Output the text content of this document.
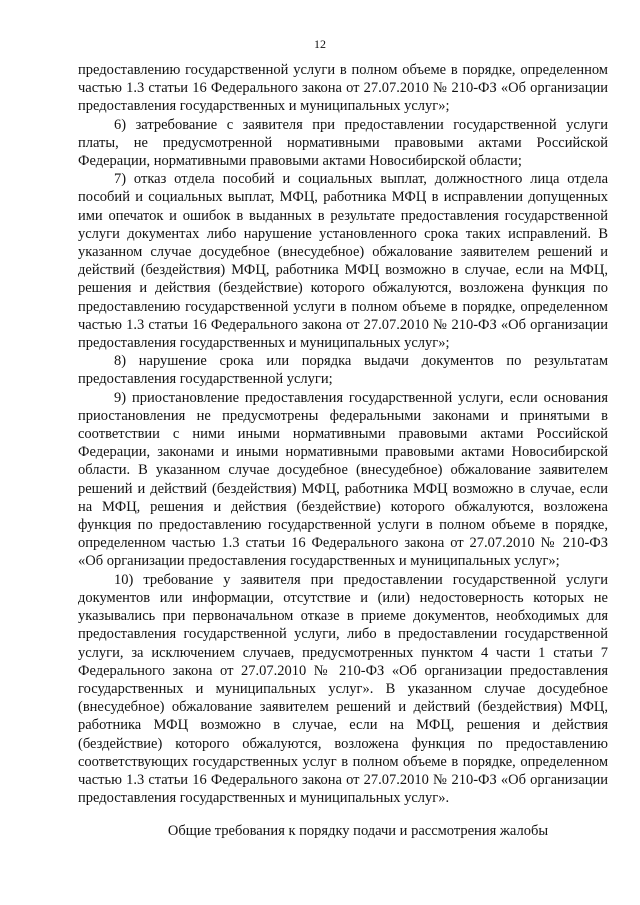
12

предоставлению государственной услуги в полном объеме в порядке, определенном частью 1.3 статьи 16 Федерального закона от 27.07.2010 № 210-ФЗ «Об организации предоставления государственных и муниципальных услуг»;

6) затребование с заявителя при предоставлении государственной услуги платы, не предусмотренной нормативными правовыми актами Российской Федерации, нормативными правовыми актами Новосибирской области;

7) отказ отдела пособий и социальных выплат, должностного лица отдела пособий и социальных выплат, МФЦ, работника МФЦ в исправлении допущенных ими опечаток и ошибок в выданных в результате предоставления государственной услуги документах либо нарушение установленного срока таких исправлений. В указанном случае досудебное (внесудебное) обжалование заявителем решений и действий (бездействия) МФЦ, работника МФЦ возможно в случае, если на МФЦ, решения и действия (бездействие) которого обжалуются, возложена функция по предоставлению государственной услуги в полном объеме в порядке, определенном частью 1.3 статьи 16 Федерального закона от 27.07.2010 № 210-ФЗ «Об организации предоставления государственных и муниципальных услуг»;

8) нарушение срока или порядка выдачи документов по результатам предоставления государственной услуги;

9) приостановление предоставления государственной услуги, если основания приостановления не предусмотрены федеральными законами и принятыми в соответствии с ними иными нормативными правовыми актами Российской Федерации, законами и иными нормативными правовыми актами Новосибирской области. В указанном случае досудебное (внесудебное) обжалование заявителем решений и действий (бездействия) МФЦ, работника МФЦ возможно в случае, если на МФЦ, решения и действия (бездействие) которого обжалуются, возложена функция по предоставлению государственной услуги в полном объеме в порядке, определенном частью 1.3 статьи 16 Федерального закона от 27.07.2010 № 210-ФЗ «Об организации предоставления государственных и муниципальных услуг»;

10) требование у заявителя при предоставлении государственной услуги документов или информации, отсутствие и (или) недостоверность которых не указывались при первоначальном отказе в приеме документов, необходимых для предоставления государственной услуги, либо в предоставлении государственной услуги, за исключением случаев, предусмотренных пунктом 4 части 1 статьи 7 Федерального закона от 27.07.2010 № 210-ФЗ «Об организации предоставления государственных и муниципальных услуг». В указанном случае досудебное (внесудебное) обжалование заявителем решений и действий (бездействия) МФЦ, работника МФЦ возможно в случае, если на МФЦ, решения и действия (бездействие) которого обжалуются, возложена функция по предоставлению соответствующих государственных услуг в полном объеме в порядке, определенном частью 1.3 статьи 16 Федерального закона от 27.07.2010 № 210-ФЗ «Об организации предоставления государственных и муниципальных услуг».

Общие требования к порядку подачи и рассмотрения жалобы
